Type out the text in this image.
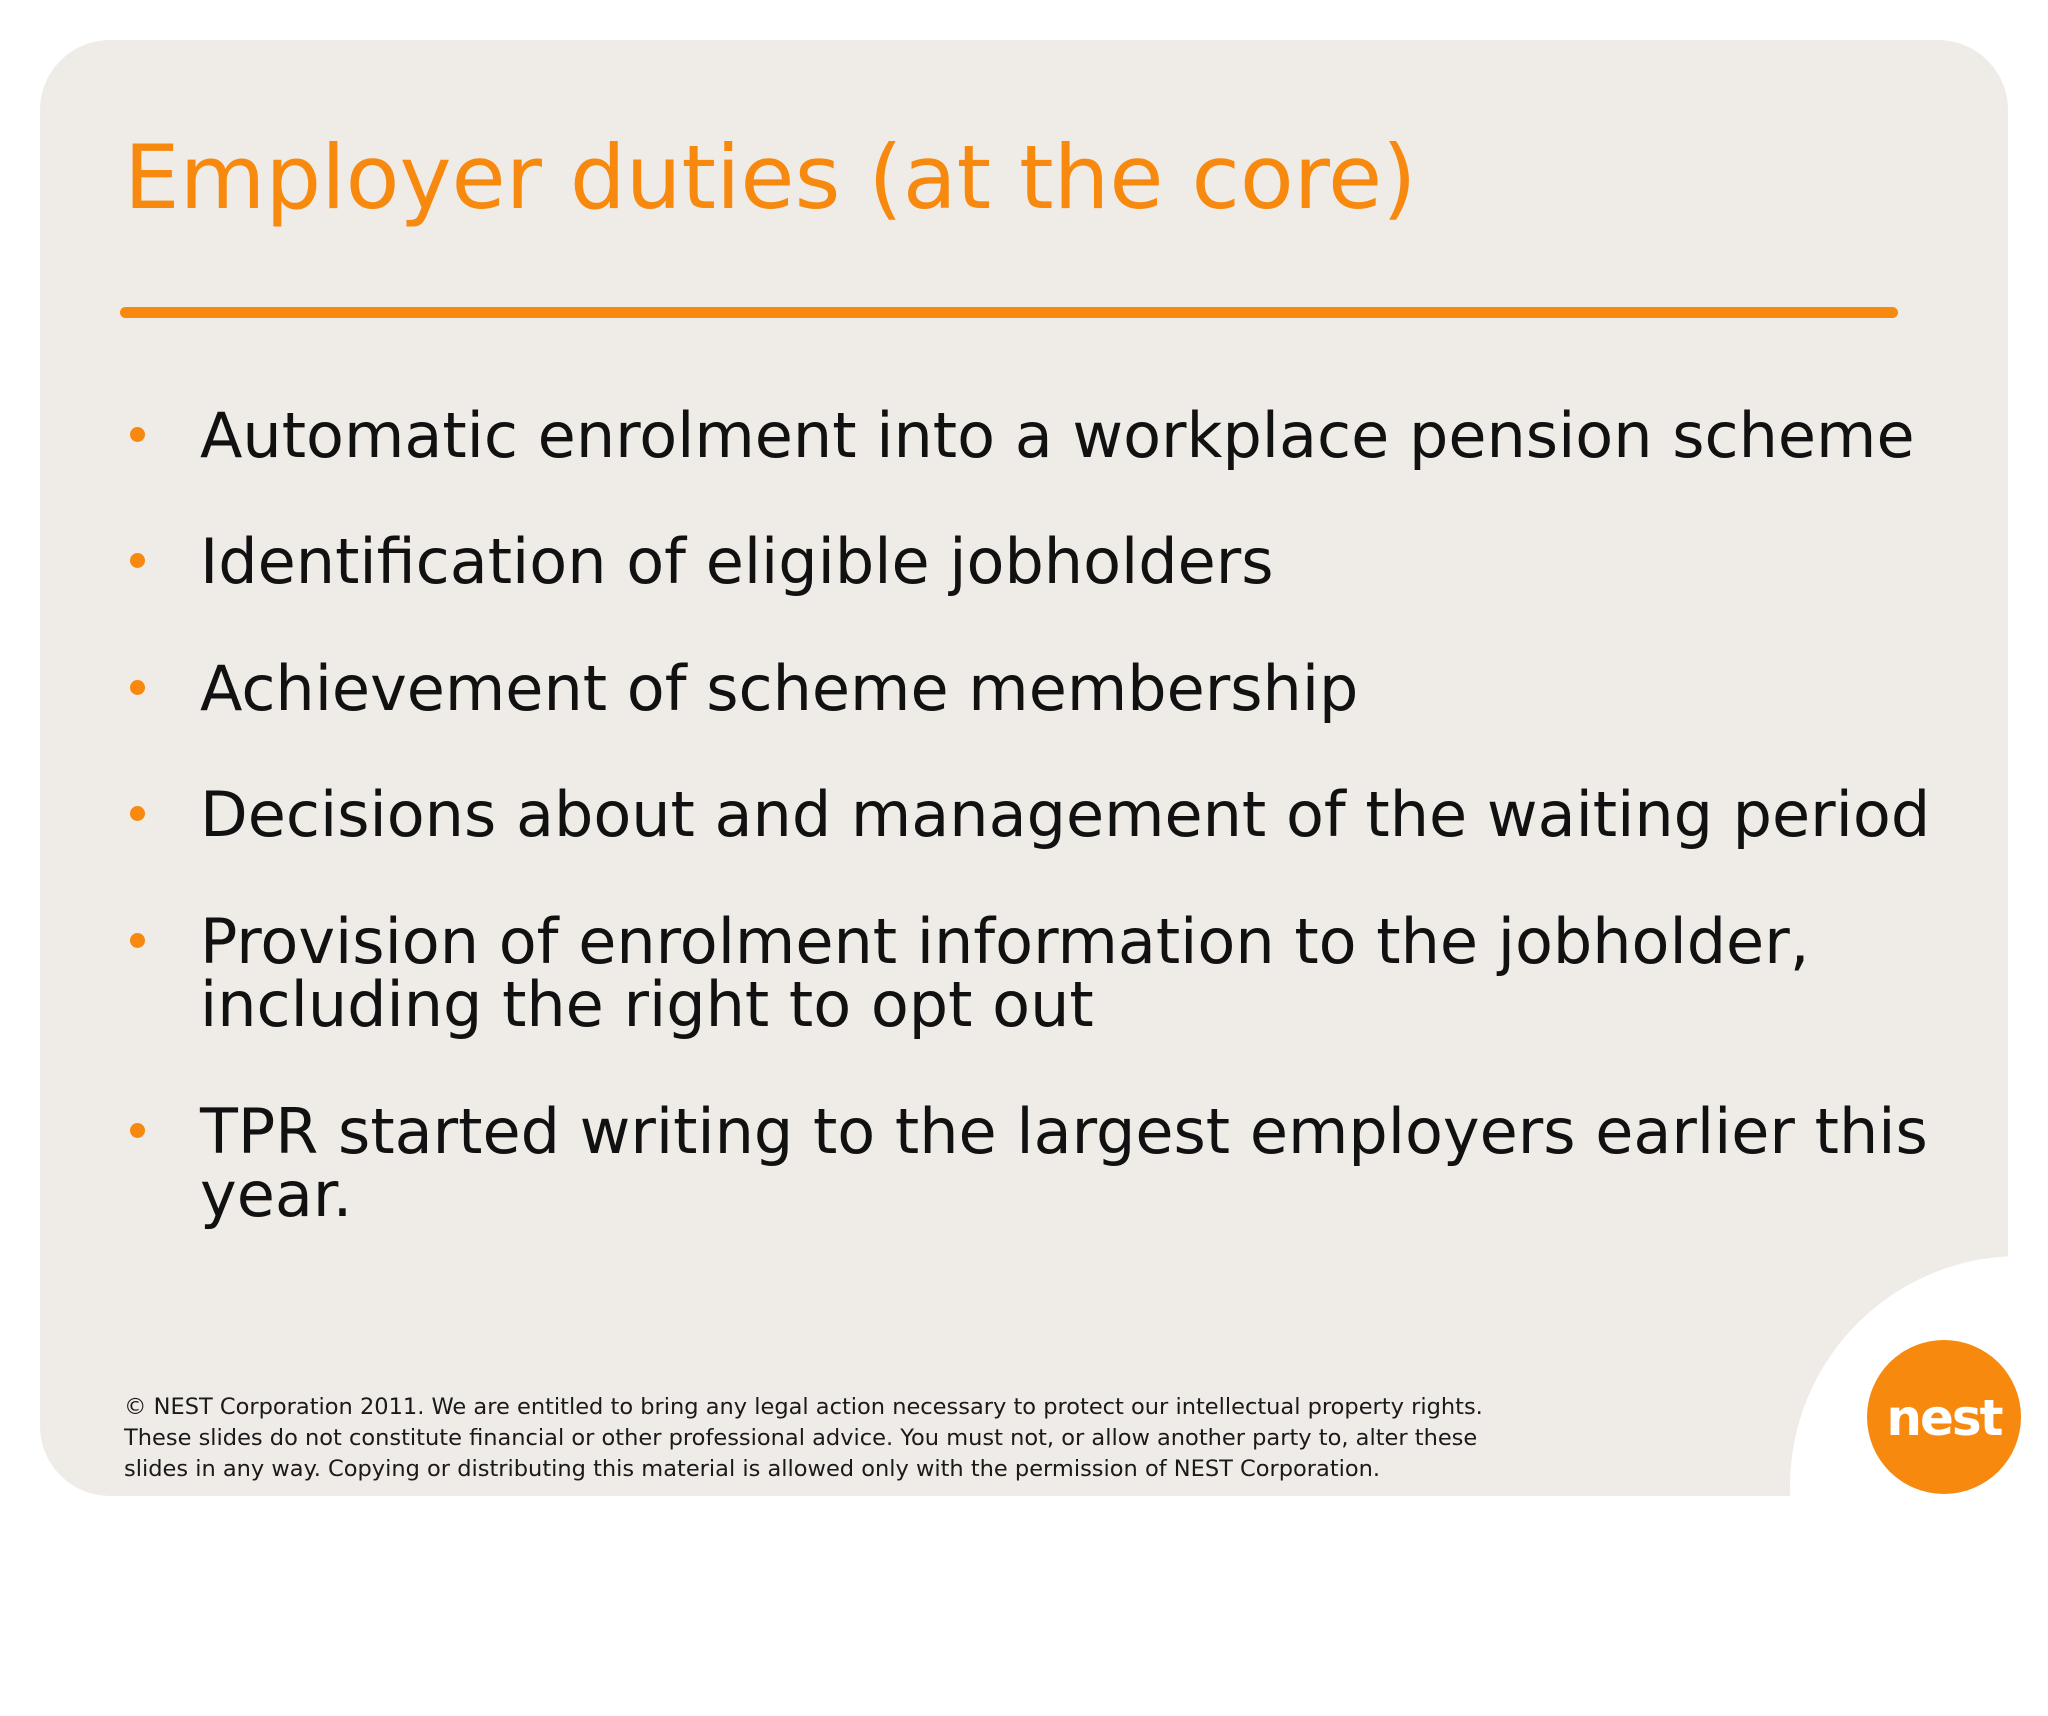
Employer duties (at the core)
Automatic enrolment into a workplace pension scheme
Identification of eligible jobholders
Achievement of scheme membership
Decisions about and management of the waiting period
Provision of enrolment information to the jobholder,
including the right to opt out
TPR started writing to the largest employers earlier this
year.
© NEST Corporation 2011. We are entitled to bring any legal action necessary to protect our intellectual property rights.
These slides do not constitute financial or other professional advice. You must not, or allow another party to, alter these
slides in any way. Copying or distributing this material is allowed only with the permission of NEST Corporation.
nest
